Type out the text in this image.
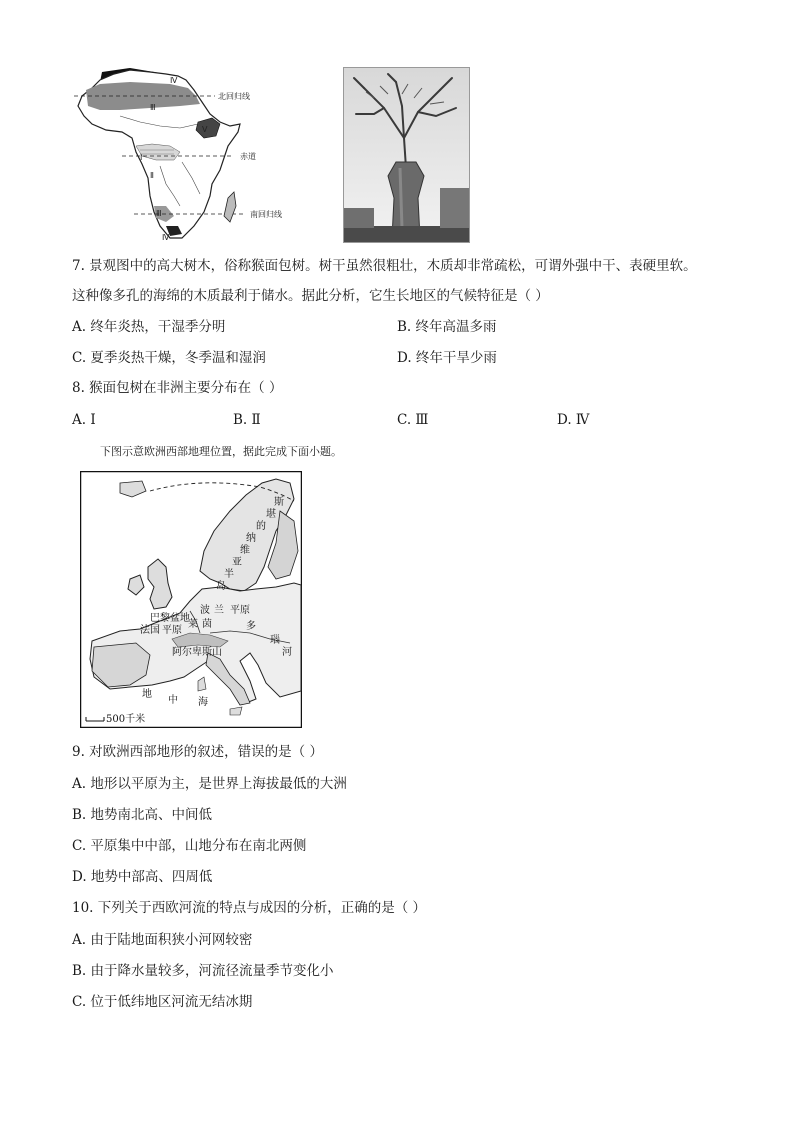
Ⅳ
Ⅲ
Ⅴ
Ⅱ
Ⅰ
Ⅲ
Ⅳ
北回归线
赤道
南回归线
7. 景观图中的高大树木，俗称猴面包树。树干虽然很粗壮，木质却非常疏松，可谓外强中干、表硬里软。
这种像多孔的海绵的木质最利于储水。据此分析，它生长地区的气候特征是（ ）
A. 终年炎热，干湿季分明	B. 终年高温多雨
C. 夏季炎热干燥，冬季温和湿润	D. 终年干旱少雨
8. 猴面包树在非洲主要分布在（ ）
A. Ⅰ	B. Ⅱ	C. Ⅲ	D. Ⅳ
下图示意欧洲西部地理位置，据此完成下面小题。
斯
堪
的
纳
维
亚
半
岛
巴黎 盆地
法国 平原
波 兰 平原
莱 茵	多
瑙
河
阿尔卑斯山
地
中 海
500千米
9. 对欧洲西部地形的叙述，错误的是（ ）
A. 地形以平原为主，是世界上海拔最低的大洲
B. 地势南北高、中间低
C. 平原集中中部，山地分布在南北两侧
D. 地势中部高、四周低
10. 下列关于西欧河流的特点与成因的分析，正确的是（ ）
A. 由于陆地面积狭小河网较密
B. 由于降水量较多，河流径流量季节变化小
C. 位于低纬地区河流无结冰期
